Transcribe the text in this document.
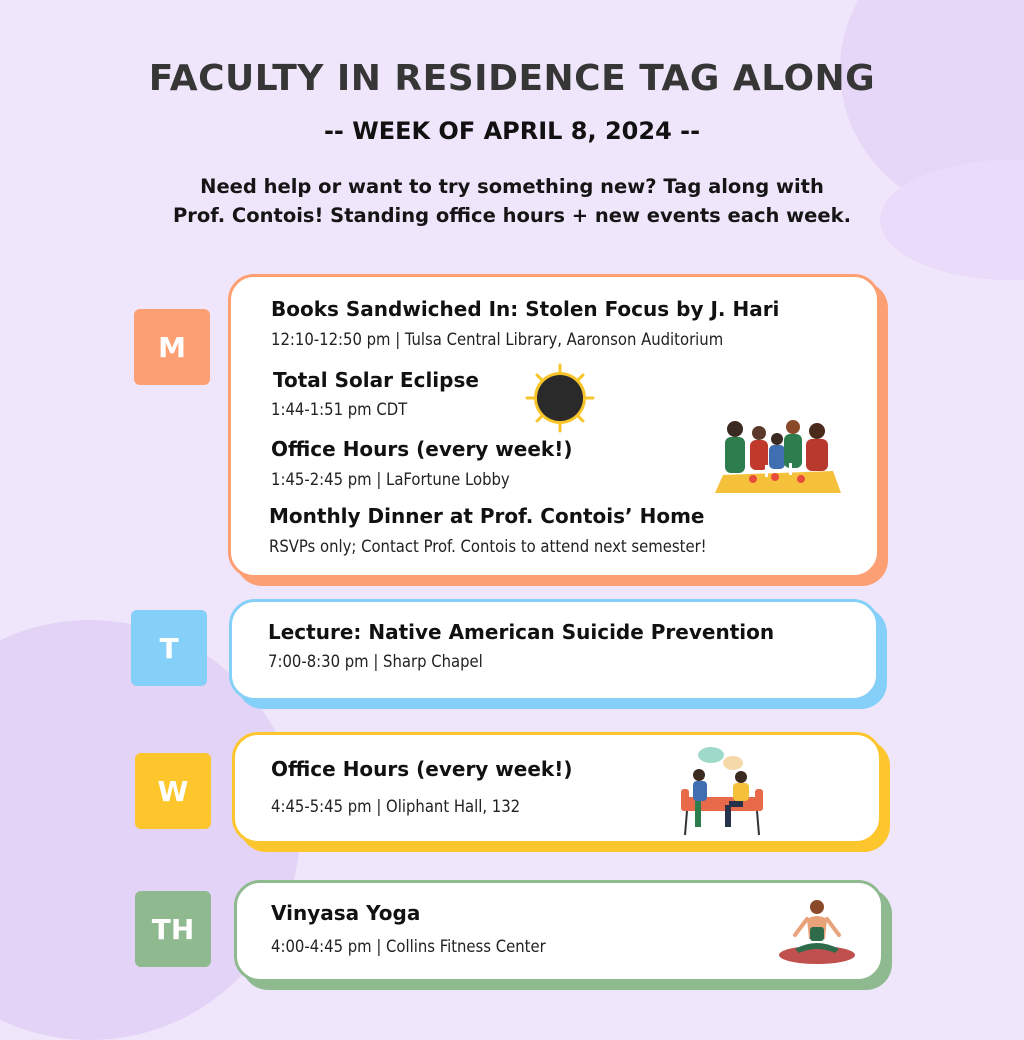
FACULTY IN RESIDENCE TAG ALONG
-- WEEK OF APRIL 8, 2024 --
Need help or want to try something new? Tag along with
Prof. Contois! Standing office hours + new events each week.
M
Books Sandwiched In: Stolen Focus by J. Hari
12:10-12:50 pm | Tulsa Central Library, Aaronson Auditorium
Total Solar Eclipse
1:44-1:51 pm CDT
Office Hours (every week!)
1:45-2:45 pm | LaFortune Lobby
Monthly Dinner at Prof. Contois’ Home
RSVPs only; Contact Prof. Contois to attend next semester!
T	Lecture: Native American Suicide Prevention
7:00-8:30 pm | Sharp Chapel
W
Office Hours (every week!)
4:45-5:45 pm | Oliphant Hall, 132
TH	Vinyasa Yoga
4:00-4:45 pm | Collins Fitness Center
